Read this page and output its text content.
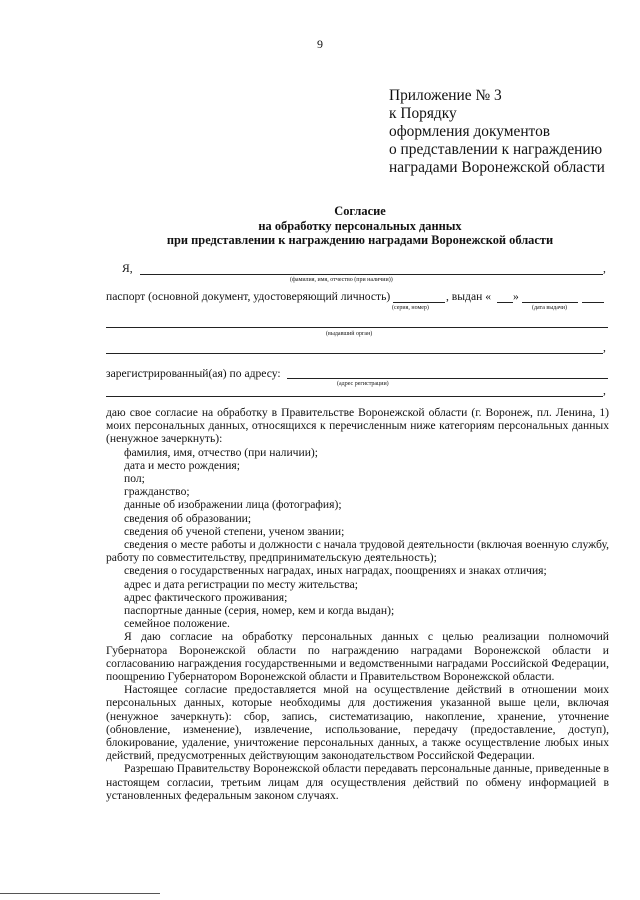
9
Приложение № 3
к Порядку
оформления документов
о представлении к награждению
наградами Воронежской области
Согласие
на обработку персональных данных
при представлении к награждению наградами Воронежской области
Я,	,
(фамилия, имя, отчество (при наличии))
паспорт (основной документ, удостоверяющий личность)	, выдан « »
(серия, номер)	(дата выдачи)
(выдавший орган)
,
зарегистрированный(ая) по адресу:
(адрес регистрации)	,

даю свое согласие на обработку в Правительстве Воронежской области (г. Воронеж, пл. Ленина, 1) моих персональных данных, относящихся к перечисленным ниже категориям персональных данных (ненужное зачеркнуть):

фамилия, имя, отчество (при наличии);
дата и место рождения;
пол;
гражданство;
данные об изображении лица (фотография);
сведения об образовании;
сведения об ученой степени, ученом звании;
сведения о месте работы и должности с начала трудовой деятельности (включая военную службу, работу по совместительству, предпринимательскую деятельность);
сведения о государственных наградах, иных наградах, поощрениях и знаках отличия;
адрес и дата регистрации по месту жительства;
адрес фактического проживания;
паспортные данные (серия, номер, кем и когда выдан);
семейное положение.

Я даю согласие на обработку персональных данных с целью реализации полномочий Губернатора Воронежской области по награждению наградами Воронежской области и согласованию награждения государственными и ведомственными наградами Российской Федерации, поощрению Губернатором Воронежской области и Правительством Воронежской области.

Настоящее согласие предоставляется мной на осуществление действий в отношении моих персональных данных, которые необходимы для достижения указанной выше цели, включая (ненужное зачеркнуть): сбор, запись, систематизацию, накопление, хранение, уточнение (обновление, изменение), извлечение, использование, передачу (предоставление, доступ), блокирование, удаление, уничтожение персональных данных, а также осуществление любых иных действий, предусмотренных действующим законодательством Российской Федерации.

Разрешаю Правительству Воронежской области передавать персональные данные, приведенные в настоящем согласии, третьим лицам для осуществления действий по обмену информацией в установленных федеральным законом случаях.
